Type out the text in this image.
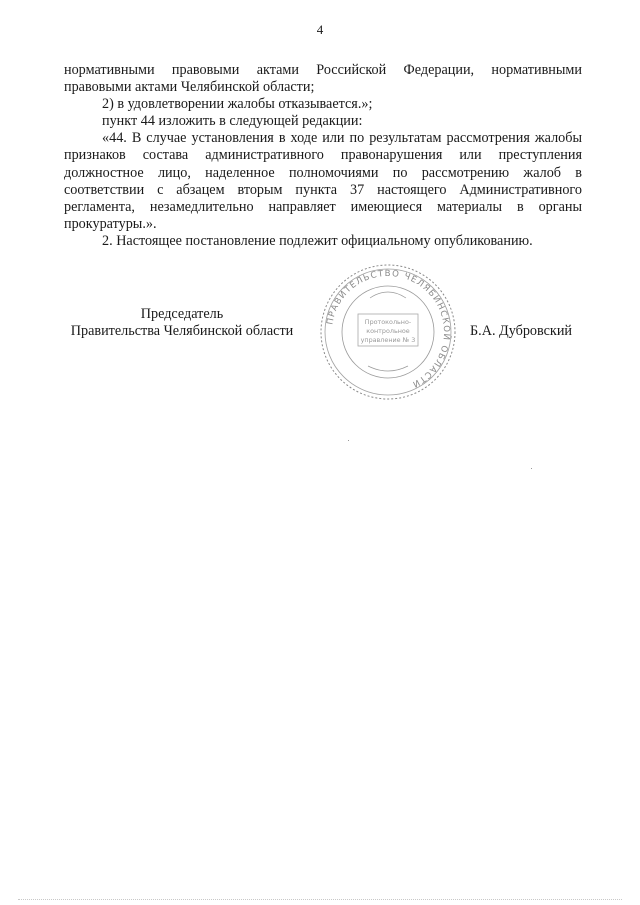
4

нормативными правовыми актами Российской Федерации, нормативными правовыми актами Челябинской области;

2) в удовлетворении жалобы отказывается.»;

пункт 44 изложить в следующей редакции:

«44. В случае установления в ходе или по результатам рассмотрения жалобы признаков состава административного правонарушения или преступления должностное лицо, наделенное полномочиями по рассмотрению жалоб в соответствии с абзацем вторым пункта 37 настоящего Административного регламента, незамедлительно направляет имеющиеся материалы в органы прокуратуры.».

2. Настоящее постановление подлежит официальному опубликованию.

Председатель
Правительства Челябинской области
ПРАВИТЕЛЬСТВО ЧЕЛЯБИНСКОЙ ОБЛАСТИ
Протокольно-
контрольное
управление № 3
Б.А. Дубровский
